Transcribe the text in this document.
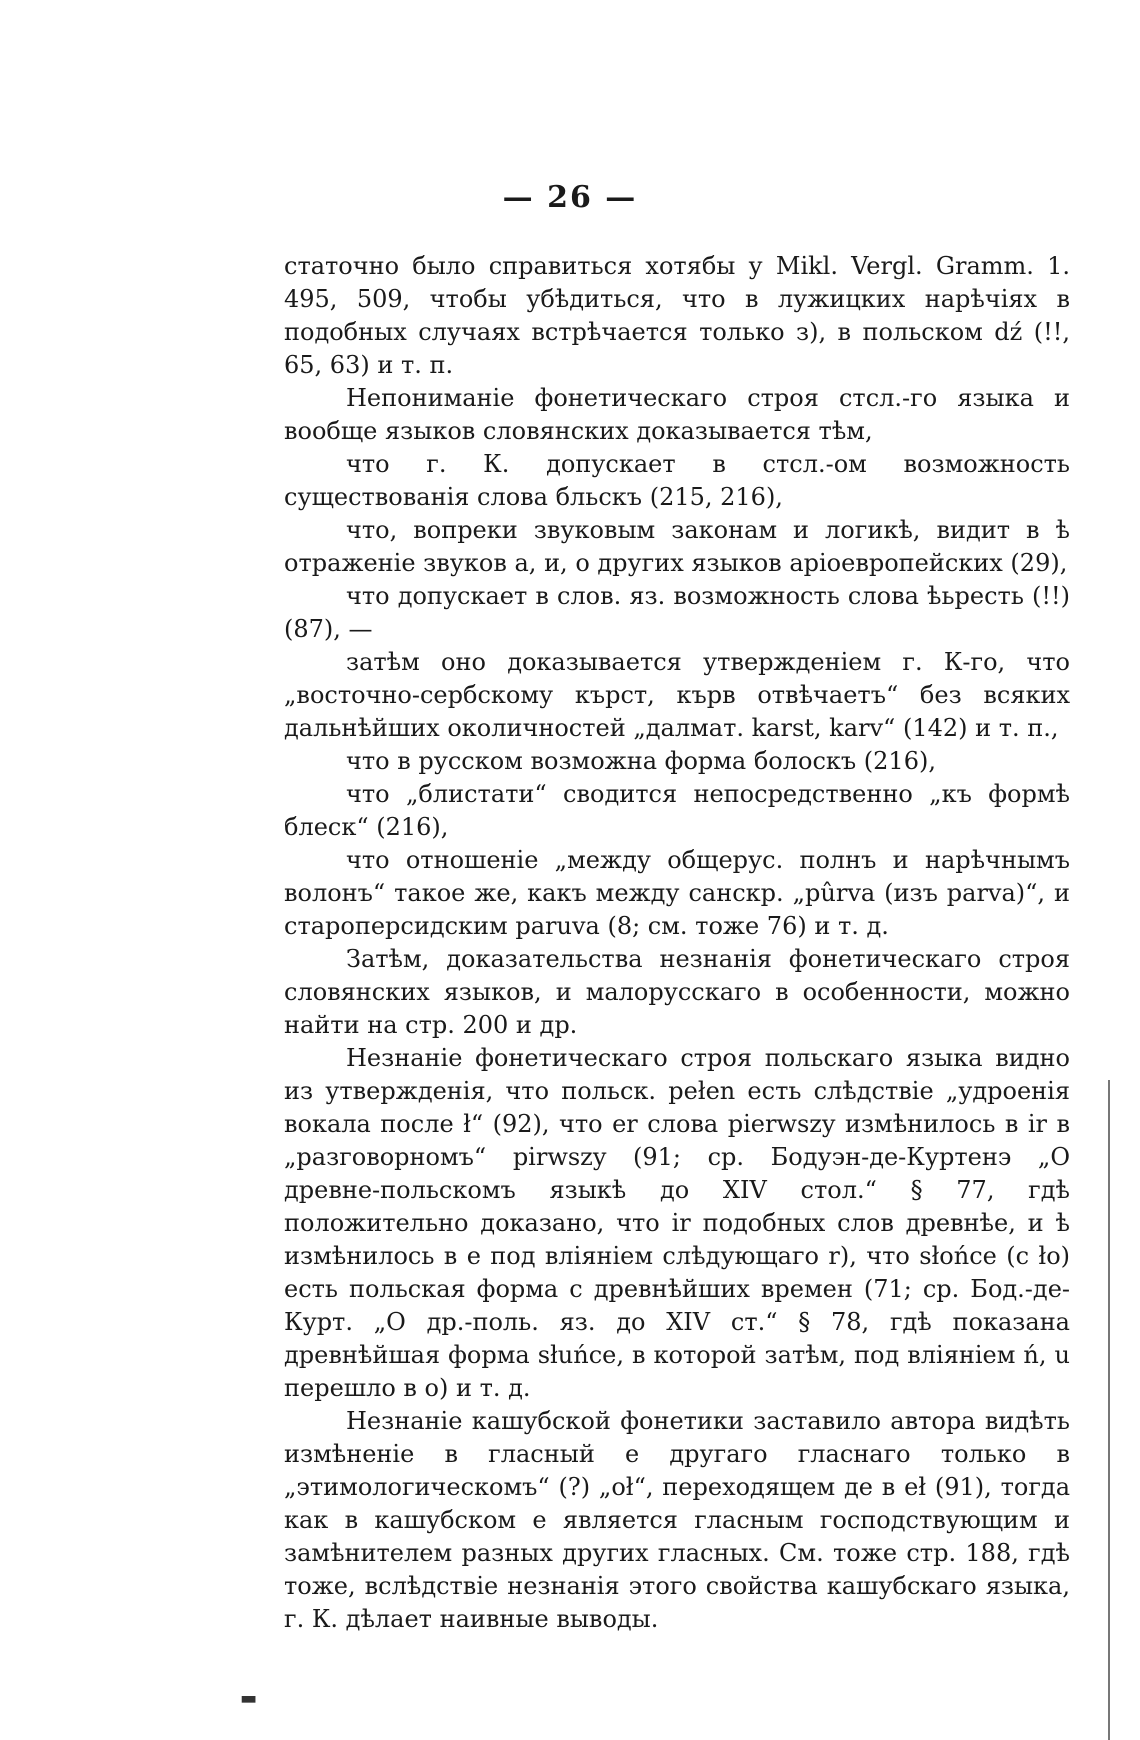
— 26 —

статочно было справиться хотябы у Mikl. Vergl. Gramm. 1. 495, 509, чтобы убѣдиться, что в лужицких нарѣчіях в подобных случаях встрѣчается только з), в польском dź (!!, 65, 63) и т. п.

Непониманіе фонетическаго строя стсл.-го языка и вообще языков словянских доказывается тѣм,

что г. К. допускает в стсл.-ом возможность существованія слова бльскъ (215, 216),

что, вопреки звуковым законам и логикѣ, видит в ѣ отраженіе звуков а, и, о других языков аріоевропейских (29),

что допускает в слов. яз. возможность слова ѣьресть (!!) (87), —

затѣм оно доказывается утвержденіем г. К-го, что „восточно-сербскому кърст, кърв отвѣчаетъ“ без всяких дальнѣйших околичностей „далмат. karst, karv“ (142) и т. п.,

что в русском возможна форма болоскъ (216),

что „блистати“ сводится непосредственно „къ формѣ блеск“ (216),

что отношеніе „между общерус. полнъ и нарѣчнымъ волонъ“ такое же, какъ между санскр. „pûrva (изъ parva)“, и староперсидским paruva (8; см. тоже 76) и т. д.

Затѣм, доказательства незнанія фонетическаго строя словянских языков, и малорусскаго в особенности, можно найти на стр. 200 и др.

Незнаніе фонетическаго строя польскаго языка видно из утвержденія, что польск. pełen есть слѣдствіе „удроенія вокала после ł“ (92), что er слова pierwszy измѣнилось в ir в „разговорномъ“ pirwszy (91; ср. Бодуэн-де-Куртенэ „О древне-польскомъ языкѣ до XIV стол.“ § 77, гдѣ положительно доказано, что ir подобных слов древнѣе, и ѣ измѣнилось в е под вліяніем слѣдующаго r), что słońce (с ło) есть польская форма с древнѣйших времен (71; ср. Бод.-де-Курт. „О др.-поль. яз. до XIV ст.“ § 78, гдѣ показана древнѣйшая форма słuńce, в которой затѣм, под вліяніем ń, u перешло в о) и т. д.

Незнаніе кашубской фонетики заставило автора видѣть измѣненіе в гласный е другаго гласнаго только в „этимологическомъ“ (?) „oł“, переходящем де в eł (91), тогда как в кашубском е является гласным господствующим и замѣнителем разных других гласных. См. тоже стр. 188, гдѣ тоже, вслѣдствіе незнанія этого свойства кашубскаго языка, г. К. дѣлает наивные выводы.

▬
